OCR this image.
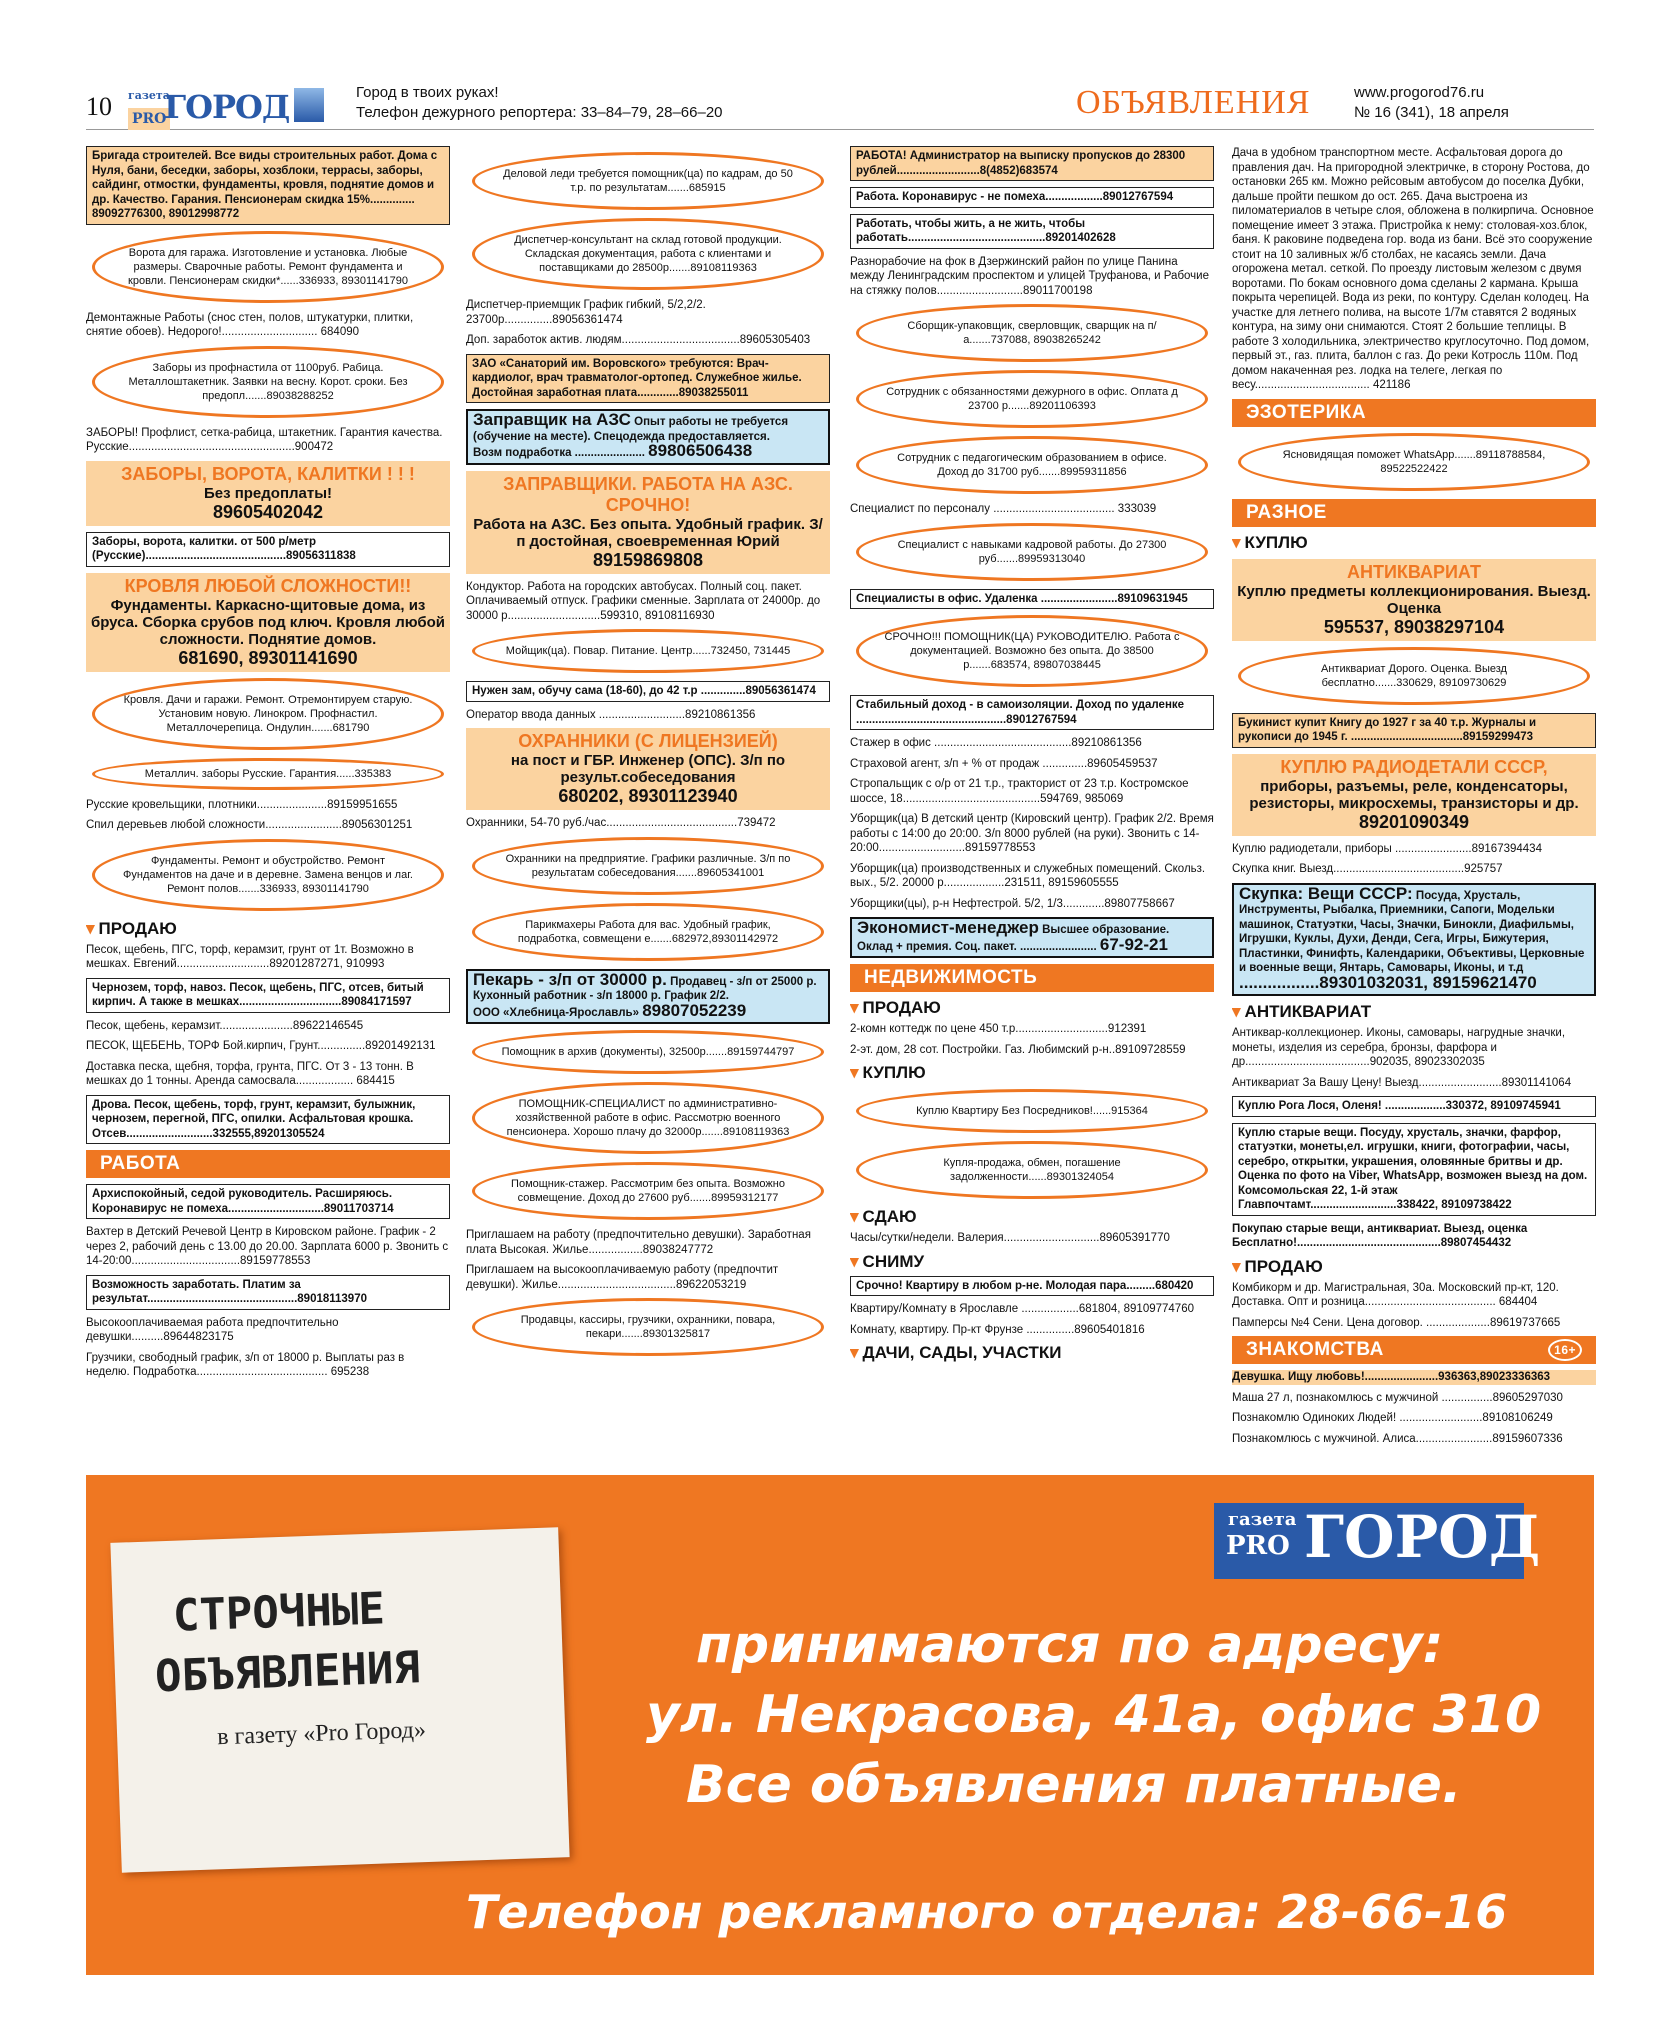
10 газета
PRO
ГОРОД	Город в твоих руках!
Телефон дежурного репортера: 33–84–79, 28–66–20	ОБЪЯВЛЕНИЯ	www.progorod76.ru
№ 16 (341), 18 апреля
Бригада строителей. Все виды строительных работ. Дома с Нуля, бани, беседки, заборы, хозблоки, террасы, заборы, сайдинг, отмостки, фундаменты, кровля, поднятие домов и др. Качество. Гарания. Пенсионерам скидка 15%.............. 89092776300, 89012998772
Ворота для гаража. Изготовление и установка. Любые размеры. Сварочные работы. Ремонт фундамента и кровли. Пенсионерам скидки*......336933, 89301141790
Демонтажные Работы (снос стен, полов, штукатурки, плитки, снятие обоев). Недорого!.............................. 684090
Заборы из профнастила от 1100руб. Рабица. Металлоштакетник. Заявки на весну. Корот. сроки. Без предопл.......89038288252
ЗАБОРЫ! Профлист, сетка-рабица, штакетник. Гарантия качества. Русские....................................................900472
ЗАБОРЫ, ВОРОТА, КАЛИТКИ ! ! !
Без предоплаты!
89605402042
Заборы, ворота, калитки. от 500 р/метр (Русские)............................................89056311838
КРОВЛЯ ЛЮБОЙ СЛОЖНОСТИ!!
Фундаменты. Каркасно-щитовые дома, из бруса. Сборка срубов под ключ. Кровля любой сложности. Поднятие домов.
681690, 89301141690
Кровля. Дачи и гаражи. Ремонт. Отремонтируем старую. Установим новую. Линокром. Профнастил. Металлочерепица. Ондулин.......681790
Металлич. заборы Русские. Гарантия......335383
Русские кровельщики, плотники......................89159951655
Спил деревьев любой сложности........................89056301251
Фундаменты. Ремонт и обустройство. Ремонт Фундаментов на даче и в деревне. Замена венцов и лаг. Ремонт полов.......336933, 89301141790
▾ ПРОДАЮ
Песок, щебень, ПГС, торф, керамзит, грунт от 1т. Возможно в мешках. Евгений.............................89201287271, 910993
Чернозем, торф, навоз. Песок, щебень, ПГС, отсев, битый кирпич. А также в мешках................................89084171597
Песок, щебень, керамзит.......................89622146545
ПЕСОК, ЩЕБЕНЬ, ТОРФ Бой.кирпич, Грунт...............89201492131
Доставка песка, щебня, торфа, грунта, ПГС. От 3 - 13 тонн. В мешках до 1 тонны. Аренда самосвала.................. 684415
Дрова. Песок, щебень, торф, грунт, керамзит, булыжник, чернозем, перегной, ПГС, опилки. Асфальтовая крошка. Отсев...........................332555,89201305524
РАБОТА
Архиспокойный, седой руководитель. Расширяюсь. Коронавирус не помеха..............................89011703714
Вахтер в Детский Речевой Центр в Кировском районе. График - 2 через 2, рабочий день с 13.00 до 20.00. Зарплата 6000 р. Звонить с 14-20:00..................................89159778553
Возможность заработать. Платим за результат...............................................89018113970
Высокооплачиваемая работа предпочтительно девушки..........89644823175
Грузчики, свободный график, з/п от 18000 р. Выплаты раз в неделю. Подработка......................................... 695238
Деловой леди требуется помощник(ца) по кадрам, до 50 т.р. по результатам.......685915
Диспетчер-консультант на склад готовой продукции. Складская документация, работа с клиентами и поставщиками до 28500р.......89108119363
Диспетчер-приемщик График гибкий, 5/2,2/2. 23700р...............89056361474
Доп. заработок актив. людям.....................................89605305403
ЗАО «Санаторий им. Воровского» требуются: Врач-кардиолог, врач травматолог-ортопед. Служебное жилье. Достойная заработная плата.............89038255011
Заправщик на АЗС Опыт работы не требуется (обучение на месте). Спецодежда предоставляется.
Возм подработка ...................... 89806506438
ЗАПРАВЩИКИ. РАБОТА НА АЗС. СРОЧНО!
Работа на АЗС. Без опыта. Удобный график. З/п достойная, своевременная Юрий
89159869808
Кондуктор. Работа на городских автобусах. Полный соц. пакет. Оплачиваемый отпуск. Графики сменные. Зарплата от 24000р. до 30000 р.............................599310, 89108116930
Мойщик(ца). Повар. Питание. Центр......732450, 731445
Нужен зам, обучу сама (18-60), до 42 т.р ..............89056361474
Оператор ввода данных ...........................89210861356
ОХРАННИКИ (С ЛИЦЕНЗИЕЙ)
на пост и ГБР. Инженер (ОПС). З/п по результ.собеседования
680202, 89301123940
Охранники, 54-70 руб./час.........................................739472
Охранники на предприятие. Графики различные. З/п по результатам собеседования.......89605341001
Парикмахеры Работа для вас. Удобный график, подработка, совмещени е.......682972,89301142972
Пекарь - з/п от 30000 р. Продавец - з/п от 25000 р. Кухонный работник - з/п 18000 р. График 2/2.
ООО «Хлебница-Ярославль» 89807052239
Помощник в архив (документы), 32500р.......89159744797
ПОМОЩНИК-СПЕЦИАЛИСТ по административно-хозяйственной работе в офис. Рассмотрю военного пенсионера. Хорошо плачу до 32000р.......89108119363
Помощник-стажер. Рассмотрим без опыта. Возможно совмещение. Доход до 27600 руб.......89959312177
Приглашаем на работу (предпочтительно девушки). Заработная плата Высокая. Жилье.................89038247772
Приглашаем на высокооплачиваемую работу (предпочтит девушки). Жилье.....................................89622053219
Продавцы, кассиры, грузчики, охранники, повара, пекари.......89301325817
РАБОТА! Администратор на выписку пропусков до 28300 рублей..........................8(4852)683574
Работа. Коронавирус - не помеха..................89012767594
Работать, чтобы жить, а не жить, чтобы работать...........................................89201402628
Разнорабочие на фок в Дзержинский район по улице Панина между Ленинградским проспектом и улицей Труфанова, и Рабочие на стяжку полов...........................89011700198
Сборщик-упаковщик, сверловщик, сварщик на п/а.......737088, 89038265242
Сотрудник с обязанностями дежурного в офис. Оплата д 23700 р.......89201106393
Сотрудник с педагогическим образованием в офисе. Доход до 31700 руб.......89959311856
Специалист по персоналу ...................................... 333039
Специалист с навыками кадровой работы. До 27300 руб.......89959313040
Специалисты в офис. Удаленка ........................89109631945
СРОЧНО!!! ПОМОЩНИК(ЦА) РУКОВОДИТЕЛЮ. Работа с документацией. Возможно без опыта. До 38500 р.......683574, 89807038445
Стабильный доход - в самоизоляции. Доход по удаленке ...............................................89012767594
Стажер в офис ...........................................89210861356
Страховой агент, з/п + % от продаж ..............89605459537
Стропальщик с о/р от 21 т.р., тракторист от 23 т.р. Костромское шоссе, 18...........................................594769, 985069
Уборщик(ца) В детский центр (Кировский центр). График 2/2. Время работы с 14:00 до 20:00. З/п 8000 рублей (на руки). Звонить с 14-20:00...........................89159778553
Уборщик(ца) производственных и служебных помещений. Скольз. вых., 5/2. 20000 р...................231511, 89159605555
Уборщики(цы), р-н Нефтестрой. 5/2, 1/3.............89807758667
Экономист-менеджер Высшее образование.
Оклад + премия. Соц. пакет. ........................ 67-92-21
НЕДВИЖИМОСТЬ
▾ ПРОДАЮ
2-комн коттедж по цене 450 т.р.............................912391
2-эт. дом, 28 сот. Постройки. Газ. Любимский р-н..89109728559
▾ КУПЛЮ
Куплю Квартиру Без Посредников!......915364
Купля-продажа, обмен, погашение задолженности......89301324054
▾ СДАЮ
Часы/сутки/недели. Валерия..............................89605391770
▾ СНИМУ
Срочно! Квартиру в любом р-не. Молодая пара.........680420
Квартиру/Комнату в Ярославле ..................681804, 89109774760
Комнату, квартиру. Пр-кт Фрунзе ...............89605401816
▾ ДАЧИ, САДЫ, УЧАСТКИ
Дача в удобном транспортном месте. Асфальтовая дорога до правления дач. На пригородной электричке, в сторону Ростова, до остановки 265 км. Можно рейсовым автобусом до поселка Дубки, дальше пройти пешком до ост. 265. Дача выстроена из пиломатериалов в четыре слоя, обложена в полкирпича. Основное помещение имеет 3 этажа. Пристройка к нему: столовая-хоз.блок, баня. К раковине подведена гор. вода из бани. Всё это сооружение стоит на 10 заливных ж/б столбах, не касаясь земли. Дача огорожена метал. сеткой. По проезду листовым железом с двумя воротами. По бокам основного дома сделаны 2 кармана. Крыша покрыта черепицей. Вода из реки, по контуру. Сделан колодец. На участке для летнего полива, на высоте 1/7м ставятся 2 водяных контура, на зиму они снимаются. Стоят 2 большие теплицы. В работе 3 холодильника, электричество круглосуточно. Под домом, первый эт., газ. плита, баллон с газ. До реки Котросль 110м. Под домом накаченная рез. лодка на телеге, легкая по весу.................................... 421186
ЭЗОТЕРИКА
Ясновидящая поможет WhatsApp.......89118788584, 89522522422
РАЗНОЕ
▾ КУПЛЮ
АНТИКВАРИАТ
Куплю предметы коллекционирования. Выезд. Оценка
595537, 89038297104
Антиквариат Дорого. Оценка. Выезд бесплатно.......330629, 89109730629
Букинист купит Книгу до 1927 г за 40 т.р. Журналы и рукописи до 1945 г. ...................................89159299473
КУПЛЮ РАДИОДЕТАЛИ СССР,
приборы, разъемы, реле, конденсаторы, резисторы, микросхемы, транзисторы и др.
89201090349
Куплю радиодетали, приборы ........................89167394434
Скупка книг. Выезд.........................................925757
Скупка: Вещи СССР: Посуда, Хрусталь, Инструменты, Рыбалка, Приемники, Сапоги, Модельки машинок, Статуэтки, Часы, Значки, Бинокли, Диафильмы, Игрушки, Куклы, Духи, Денди, Сега, Игры, Бижутерия, Пластинки, Финифть, Календарики, Объективы, Церковные и военные вещи, Янтарь, Самовары, Иконы, и т.д
.................89301032031, 89159621470
▾ АНТИКВАРИАТ
Антиквар-коллекционер. Иконы, самовары, нагрудные значки, монеты, изделия из серебра, бронзы, фарфора и др.......................................902035, 89023302035
Антиквариат За Вашу Цену! Выезд..........................89301141064
Куплю Рога Лося, Оленя! ...................330372, 89109745941
Куплю старые вещи. Посуду, хрусталь, значки, фарфор, статуэтки, монеты,ел. игрушки, книги, фотографии, часы, серебро, открытки, украшения, оловянные бритвы и др. Оценка по фото на Viber, WhatsApp, возможен выезд на дом. Комсомольская 22, 1-й этаж Главпочтамт...........................338422, 89109738422
Покупаю старые вещи, антиквариат. Выезд, оценка Бесплатно!.............................................89807454432
▾ ПРОДАЮ
Комбикорм и др. Магистральная, 30а. Московский пр-кт, 120. Доставка. Опт и розница......................................... 684404
Памперсы №4 Сени. Цена договор. ....................89619737665
ЗНАКОМСТВА	16+
Девушка. Ищу любовь!.......................936363,89023336363
Маша 27 л, познакомлюсь с мужчиной ................89605297030
Познакомлю Одиноких Людей! ..........................89108106249
Познакомлюсь с мужчиной. Алиса........................89159607336
СТРОЧНЫЕ
ОБЪЯВЛЕНИЯ
в газету «Pro Город»
газета
PRO ГОРОД
принимаются по адресу:
ул. Некрасова, 41а, офис 310
Все объявления платные.
Телефон рекламного отдела: 28-66-16
